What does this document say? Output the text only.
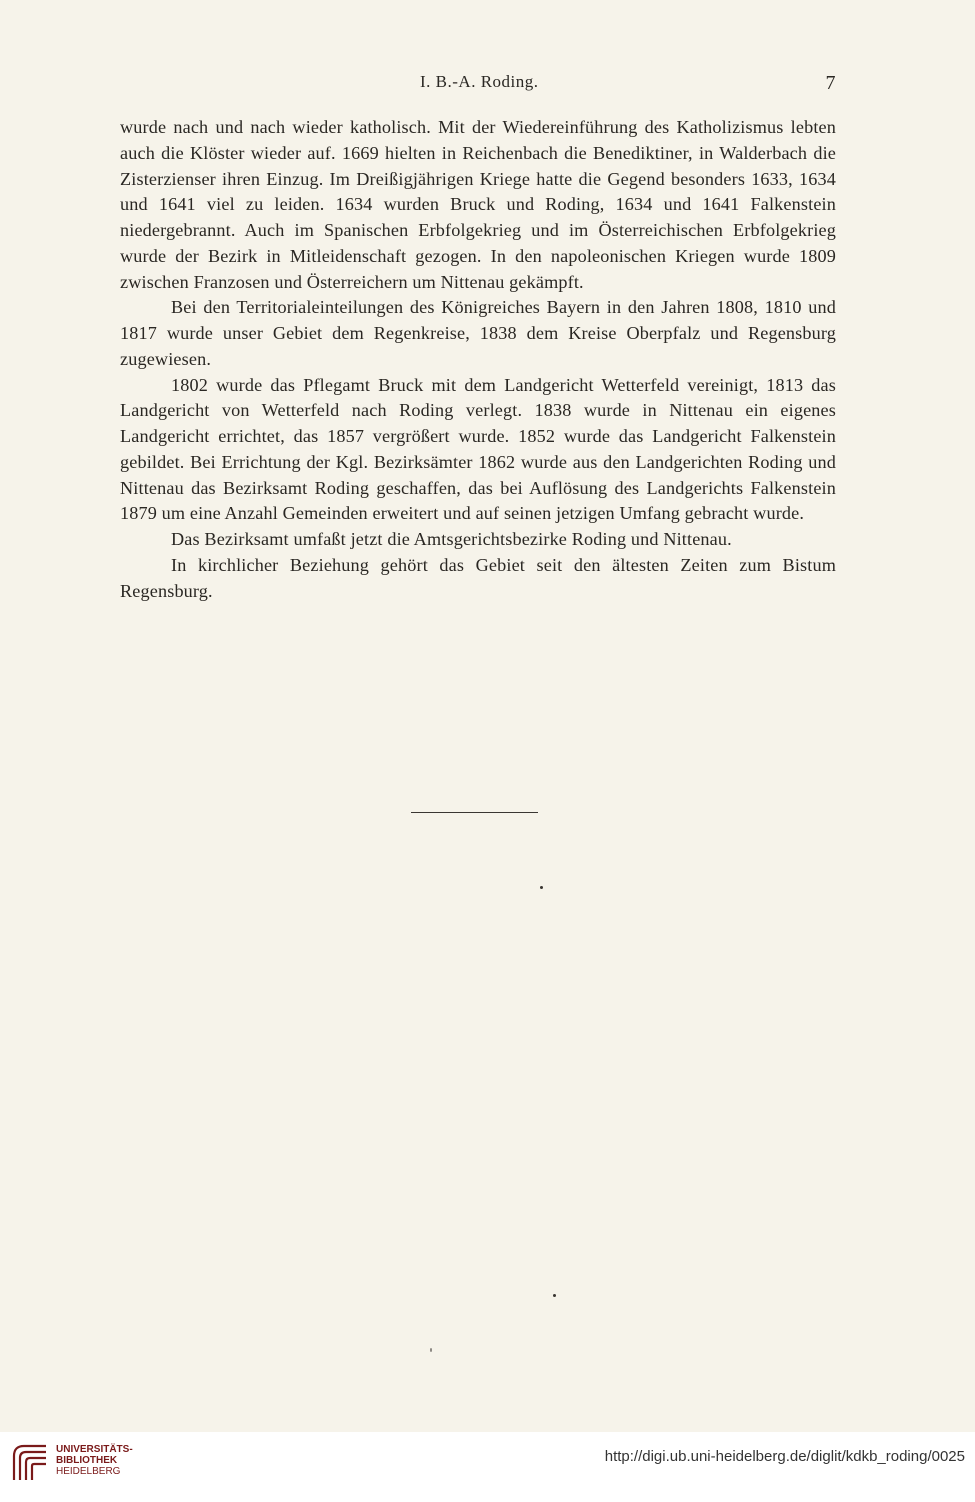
I. B.-A. Roding.	7

wurde nach und nach wieder katholisch. Mit der Wiedereinführung des Katholizismus lebten auch die Klöster wieder auf. 1669 hielten in Reichenbach die Benediktiner, in Walderbach die Zisterzienser ihren Einzug. Im Dreißigjährigen Kriege hatte die Gegend besonders 1633, 1634 und 1641 viel zu leiden. 1634 wurden Bruck und Roding, 1634 und 1641 Falkenstein niedergebrannt. Auch im Spanischen Erbfolgekrieg und im Österreichischen Erbfolgekrieg wurde der Bezirk in Mitleidenschaft gezogen. In den napoleonischen Kriegen wurde 1809 zwischen Franzosen und Österreichern um Nittenau gekämpft.

Bei den Territorialeinteilungen des Königreiches Bayern in den Jahren 1808, 1810 und 1817 wurde unser Gebiet dem Regenkreise, 1838 dem Kreise Oberpfalz und Regensburg zugewiesen.

1802 wurde das Pflegamt Bruck mit dem Landgericht Wetterfeld vereinigt, 1813 das Landgericht von Wetterfeld nach Roding verlegt. 1838 wurde in Nittenau ein eigenes Landgericht errichtet, das 1857 vergrößert wurde. 1852 wurde das Landgericht Falkenstein gebildet. Bei Errichtung der Kgl. Bezirksämter 1862 wurde aus den Landgerichten Roding und Nittenau das Bezirksamt Roding geschaffen, das bei Auflösung des Landgerichts Falkenstein 1879 um eine Anzahl Gemeinden erweitert und auf seinen jetzigen Umfang gebracht wurde.

Das Bezirksamt umfaßt jetzt die Amtsgerichtsbezirke Roding und Nittenau.

In kirchlicher Beziehung gehört das Gebiet seit den ältesten Zeiten zum Bistum Regensburg.

UNIVERSITÄTS-
BIBLIOTHEK
HEIDELBERG
http://digi.ub.uni-heidelberg.de/diglit/kdkb_roding/0025
